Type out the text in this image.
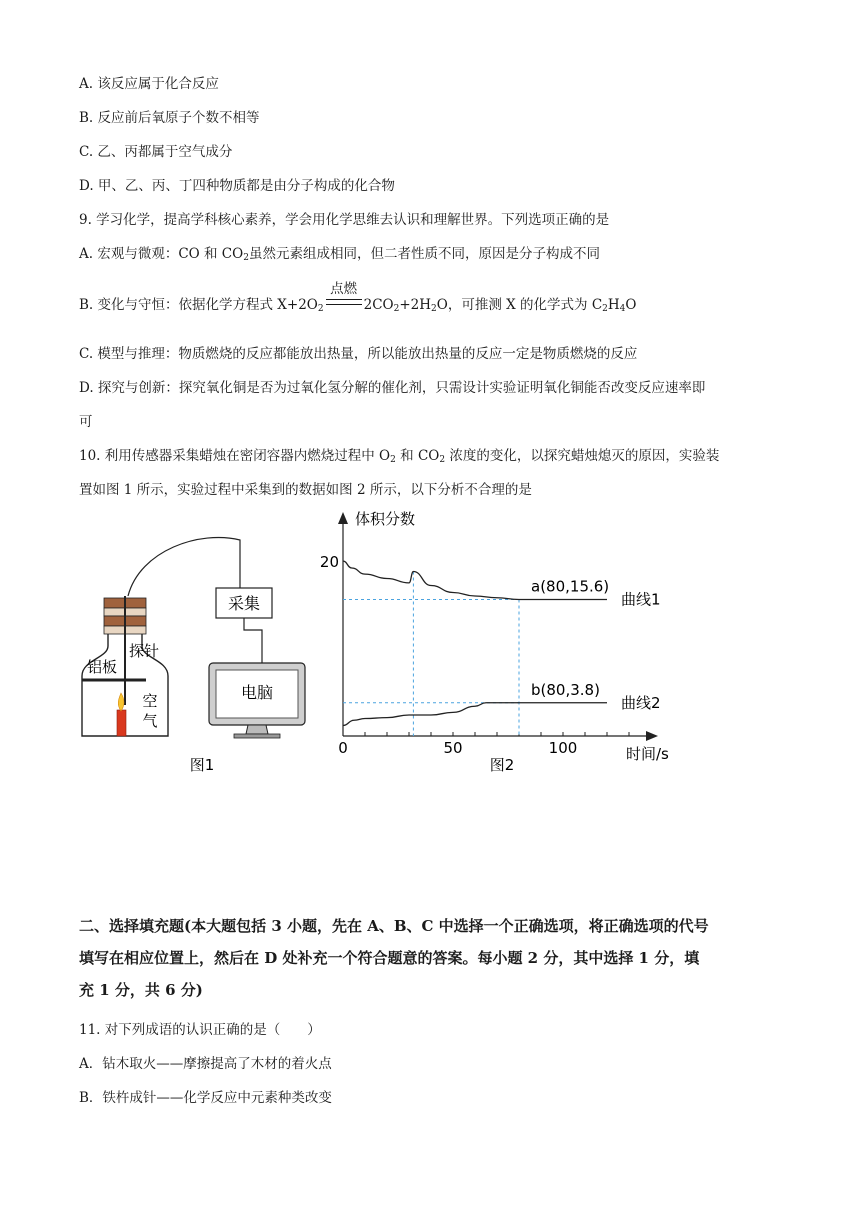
A. 该反应属于化合反应
B. 反应前后氧原子个数不相等
C. 乙、丙都属于空气成分
D. 甲、乙、丙、丁四种物质都是由分子构成的化合物
9. 学习化学，提高学科核心素养，学会用化学思维去认识和理解世界。下列选项正确的是
A. 宏观与微观：CO 和 $CO_2$虽然元素组成相同，但二者性质不同，原因是分子构成不同
B. 变化与守恒：依据化学方程式 $X+2O_2$
点燃
$2CO_2+2H_2O$，可推测 X 的化学式为 $C_2H_4O$
C. 模型与推理：物质燃烧的反应都能放出热量，所以能放出热量的反应一定是物质燃烧的反应
D. 探究与创新：探究氧化铜是否为过氧化氢分解的催化剂，只需设计实验证明氧化铜能否改变反应速率即
可
10. 利用传感器采集蜡烛在密闭容器内燃烧过程中 $O_2$ 和 $CO_2$ 浓度的变化，以探究蜡烛熄灭的原因，实验装
置如图 1 所示，实验过程中采集到的数据如图 2 所示，以下分析不合理的是
采集
电脑
探针
铝板
空
气
图1
体积分数
时间/s
图2
0	50	100
20
曲线1
曲线2
a(80,15.6)
b(80,3.8)
二、选择填充题(本大题包括 3 小题，先在 A、B、C 中选择一个正确选项，将正确选项的代号
填写在相应位置上，然后在 D 处补充一个符合题意的答案。每小题 2 分，其中选择 1 分，填
充 1 分，共 6 分)
11. 对下列成语的认识正确的是（　　）
A．钻木取火——摩擦提高了木材的着火点
B．铁杵成针——化学反应中元素种类改变
